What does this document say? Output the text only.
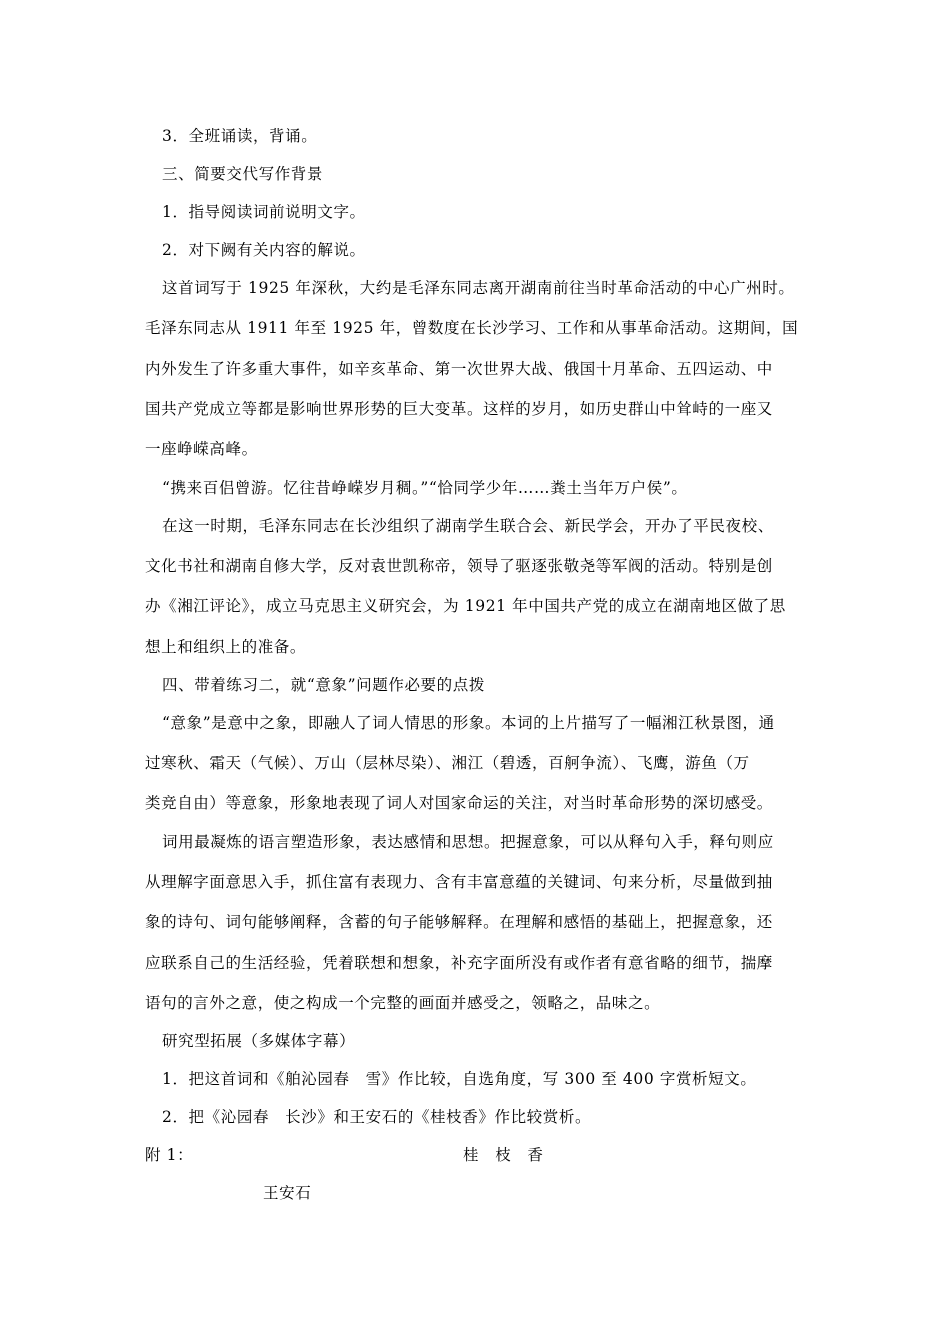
3．全班诵读，背诵。
三、简要交代写作背景
1．指导阅读词前说明文字。
2．对下阙有关内容的解说。
这首词写于 1925 年深秋，大约是毛泽东同志离开湖南前往当时革命活动的中心广州时。
毛泽东同志从 1911 年至 1925 年，曾数度在长沙学习、工作和从事革命活动。这期间，国
内外发生了许多重大事件，如辛亥革命、第一次世界大战、俄国十月革命、五四运动、中
国共产党成立等都是影响世界形势的巨大变革。这样的岁月，如历史群山中耸峙的一座又
一座峥嵘高峰。
“携来百侣曾游。忆往昔峥嵘岁月稠。”“恰同学少年……粪土当年万户侯”。
在这一时期，毛泽东同志在长沙组织了湖南学生联合会、新民学会，开办了平民夜校、
文化书社和湖南自修大学，反对袁世凯称帝，领导了驱逐张敬尧等军阀的活动。特别是创
办《湘江评论》，成立马克思主义研究会，为 1921 年中国共产党的成立在湖南地区做了思
想上和组织上的准备。
四、带着练习二，就“意象”问题作必要的点拨
“意象”是意中之象，即融人了词人情思的形象。本词的上片描写了一幅湘江秋景图，通
过寒秋、霜天（气候）、万山（层林尽染）、湘江（碧透，百舸争流）、飞鹰，游鱼（万
类竞自由）等意象，形象地表现了词人对国家命运的关注，对当时革命形势的深切感受。
词用最凝炼的语言塑造形象，表达感情和思想。把握意象，可以从释句入手，释句则应
从理解字面意思入手，抓住富有表现力、含有丰富意蕴的关键词、句来分析，尽量做到抽
象的诗句、词句能够阐释，含蓄的句子能够解释。在理解和感悟的基础上，把握意象，还
应联系自己的生活经验，凭着联想和想象，补充字面所没有或作者有意省略的细节，揣摩
语句的言外之意，使之构成一个完整的画面并感受之，领略之，品味之。
研究型拓展（多媒体字幕）
1．把这首词和《舶沁园春　雪》作比较，自选角度，写 300 至 400 字赏析短文。
2．把《沁园春　长沙》和王安石的《桂枝香》作比较赏析。
附 1：	桂　枝　香
王安石
